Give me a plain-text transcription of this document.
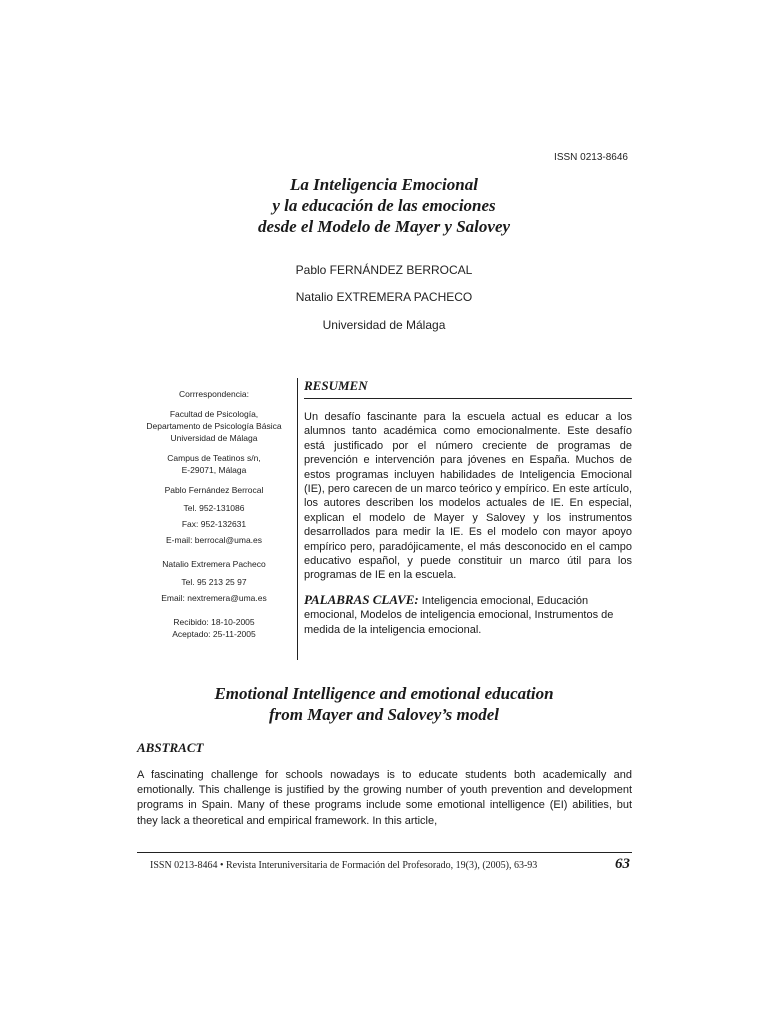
ISSN 0213-8646
La Inteligencia Emocional
y la educación de las emociones
desde el Modelo de Mayer y Salovey
Pablo FERNÁNDEZ BERROCAL
Natalio EXTREMERA PACHECO
Universidad de Málaga
Corrrespondencia:
Facultad de Psicología,
Departamento de Psicología Básica
Universidad de Málaga
Campus de Teatinos s/n,
E-29071, Málaga
Pablo Fernández Berrocal
Tel. 952-131086
Fax: 952-132631
E-mail: berrocal@uma.es
Natalio Extremera Pacheco
Tel. 95 213 25 97
Email: nextremera@uma.es
Recibido: 18-10-2005
Aceptado: 25-11-2005
RESUMEN
Un desafío fascinante para la escuela actual es educar a los alumnos tanto académica como emocionalmente. Este desafío está justificado por el número creciente de programas de prevención e intervención para jóvenes en España. Muchos de estos programas incluyen habilidades de Inteligencia Emocional (IE), pero carecen de un marco teórico y empírico. En este artículo, los autores describen los modelos actuales de IE. En especial, explican el modelo de Mayer y Salovey y los instrumentos desarrollados para medir la IE. Es el modelo con mayor apoyo empírico pero, paradójicamente, el más desconocido en el campo educativo español, y puede constituir un marco útil para los programas de IE en la escuela.
PALABRAS CLAVE: Inteligencia emocional, Educación emocional, Modelos de inteligencia emocional, Instrumentos de medida de la inteligencia emocional.
Emotional Intelligence and emotional education
from Mayer and Salovey’s model
ABSTRACT
A fascinating challenge for schools nowadays is to educate students both academically and emotionally. This challenge is justified by the growing number of youth prevention and development programs in Spain. Many of these programs include some emotional intelligence (EI) abilities, but they lack a theoretical and empirical framework. In this article,
ISSN 0213-8464 • Revista Interuniversitaria de Formación del Profesorado, 19(3), (2005), 63-93	63
